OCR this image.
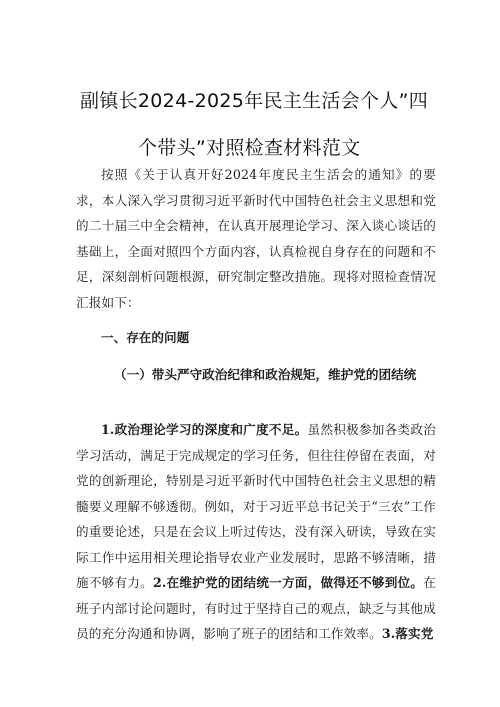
副镇长2024-2025年民主生活会个人”四
个带头”对照检查材料范文
按照《关于认真开好2024年度民主生活会的通知》的要求，本人深入学习贯彻习近平新时代中国特色社会主义思想和党的二十届三中全会精神，在认真开展理论学习、深入谈心谈话的基础上，全面对照四个方面内容，认真检视自身存在的问题和不足，深刻剖析问题根源，研究制定整改措施。现将对照检查情况汇报如下：
一、存在的问题
（一）带头严守政治纪律和政治规矩，维护党的团结统
1.政治理论学习的深度和广度不足。虽然积极参加各类政治学习活动，满足于完成规定的学习任务，但往往停留在表面，对党的创新理论，特别是习近平新时代中国特色社会主义思想的精髓要义理解不够透彻。例如，对于习近平总书记关于“三农”工作的重要论述，只是在会议上听过传达，没有深入研读，导致在实际工作中运用相关理论指导农业产业发展时，思路不够清晰，措施不够有力。2.在维护党的团结统一方面，做得还不够到位。在班子内部讨论问题时，有时过于坚持自己的观点，缺乏与其他成员的充分沟通和协调，影响了班子的团结和工作效率。3.落实党
